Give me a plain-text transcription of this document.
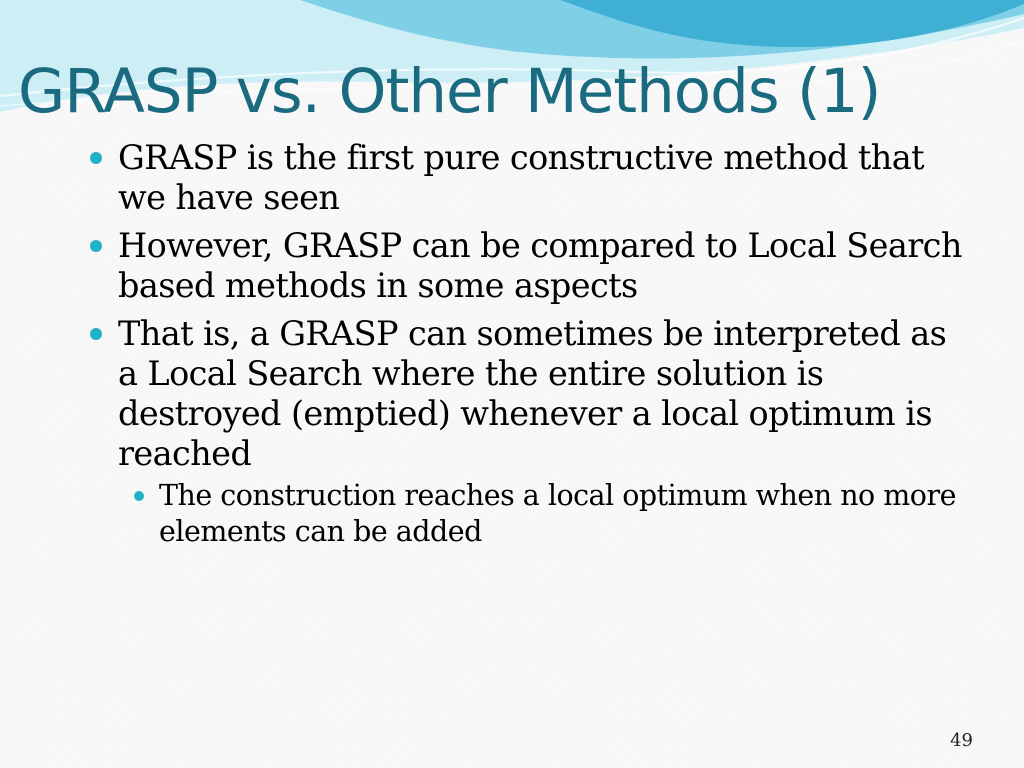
GRASP vs. Other Methods (1)
GRASP is the first pure constructive method that we have seen
However, GRASP can be compared to Local Search based methods in some aspects
That is, a GRASP can sometimes be interpreted as a Local Search where the entire solution is destroyed (emptied) whenever a local optimum is reached
The construction reaches a local optimum when no more elements can be added
49
